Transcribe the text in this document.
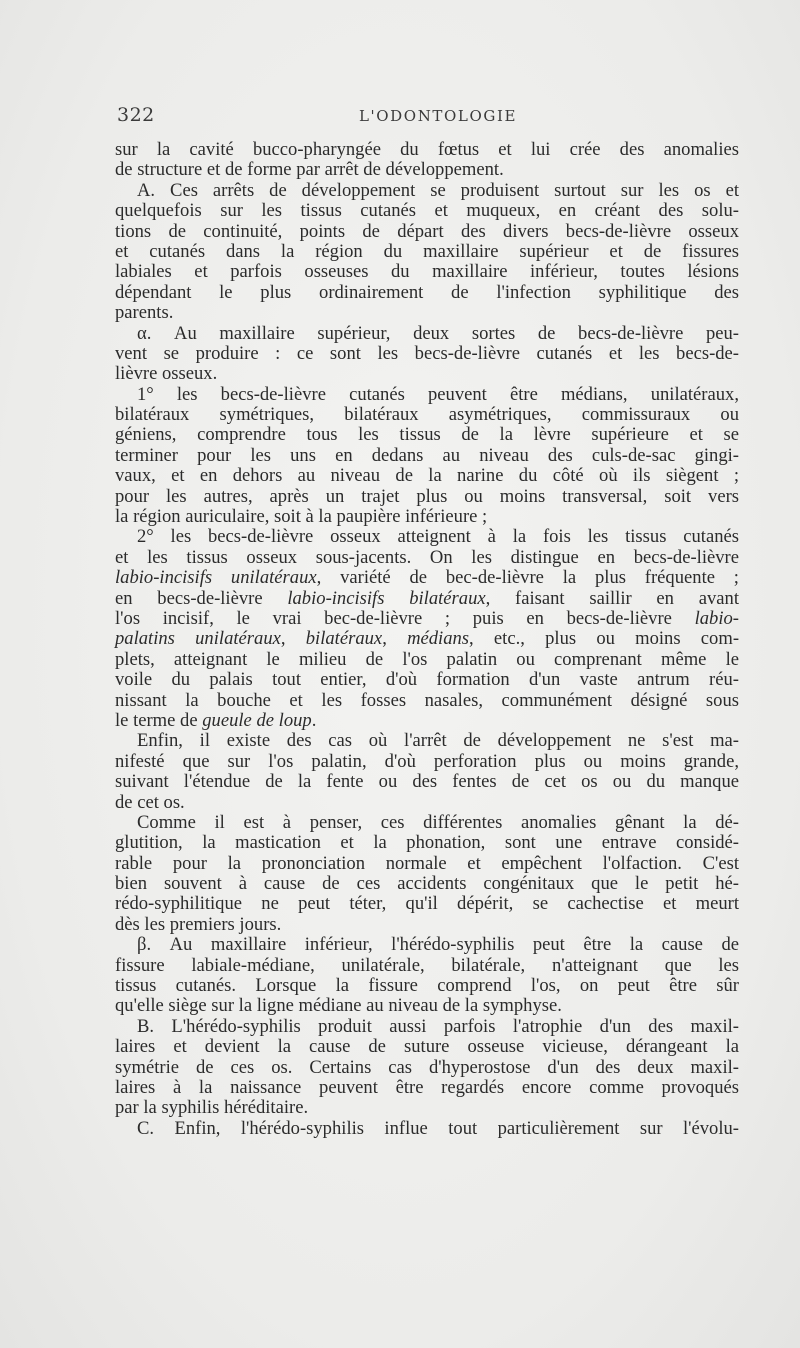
322	L'ODONTOLOGIE
sur la cavité bucco-pharyngée du fœtus et lui crée des anomalies
de structure et de forme par arrêt de développement.
A. Ces arrêts de développement se produisent surtout sur les os et
quelquefois sur les tissus cutanés et muqueux, en créant des solu-
tions de continuité, points de départ des divers becs-de-lièvre osseux
et cutanés dans la région du maxillaire supérieur et de fissures
labiales et parfois osseuses du maxillaire inférieur, toutes lésions
dépendant le plus ordinairement de l'infection syphilitique des
parents.
α. Au maxillaire supérieur, deux sortes de becs-de-lièvre peu-
vent se produire : ce sont les becs-de-lièvre cutanés et les becs-de-
lièvre osseux.
1° les becs-de-lièvre cutanés peuvent être médians, unilatéraux,
bilatéraux symétriques, bilatéraux asymétriques, commissuraux ou
géniens, comprendre tous les tissus de la lèvre supérieure et se
terminer pour les uns en dedans au niveau des culs-de-sac gingi-
vaux, et en dehors au niveau de la narine du côté où ils siègent ;
pour les autres, après un trajet plus ou moins transversal, soit vers
la région auriculaire, soit à la paupière inférieure ;
2° les becs-de-lièvre osseux atteignent à la fois les tissus cutanés
et les tissus osseux sous-jacents. On les distingue en becs-de-lièvre
labio-incisifs unilatéraux, variété de bec-de-lièvre la plus fréquente ;
en becs-de-lièvre labio-incisifs bilatéraux, faisant saillir en avant
l'os incisif, le vrai bec-de-lièvre ; puis en becs-de-lièvre labio-
palatins unilatéraux, bilatéraux, médians, etc., plus ou moins com-
plets, atteignant le milieu de l'os palatin ou comprenant même le
voile du palais tout entier, d'où formation d'un vaste antrum réu-
nissant la bouche et les fosses nasales, communément désigné sous
le terme de gueule de loup.
Enfin, il existe des cas où l'arrêt de développement ne s'est ma-
nifesté que sur l'os palatin, d'où perforation plus ou moins grande,
suivant l'étendue de la fente ou des fentes de cet os ou du manque
de cet os.
Comme il est à penser, ces différentes anomalies gênant la dé-
glutition, la mastication et la phonation, sont une entrave considé-
rable pour la prononciation normale et empêchent l'olfaction. C'est
bien souvent à cause de ces accidents congénitaux que le petit hé-
rédo-syphilitique ne peut téter, qu'il dépérit, se cachectise et meurt
dès les premiers jours.
β. Au maxillaire inférieur, l'hérédo-syphilis peut être la cause de
fissure labiale-médiane, unilatérale, bilatérale, n'atteignant que les
tissus cutanés. Lorsque la fissure comprend l'os, on peut être sûr
qu'elle siège sur la ligne médiane au niveau de la symphyse.
B. L'hérédo-syphilis produit aussi parfois l'atrophie d'un des maxil-
laires et devient la cause de suture osseuse vicieuse, dérangeant la
symétrie de ces os. Certains cas d'hyperostose d'un des deux maxil-
laires à la naissance peuvent être regardés encore comme provoqués
par la syphilis héréditaire.
C. Enfin, l'hérédo-syphilis influe tout particulièrement sur l'évolu-
